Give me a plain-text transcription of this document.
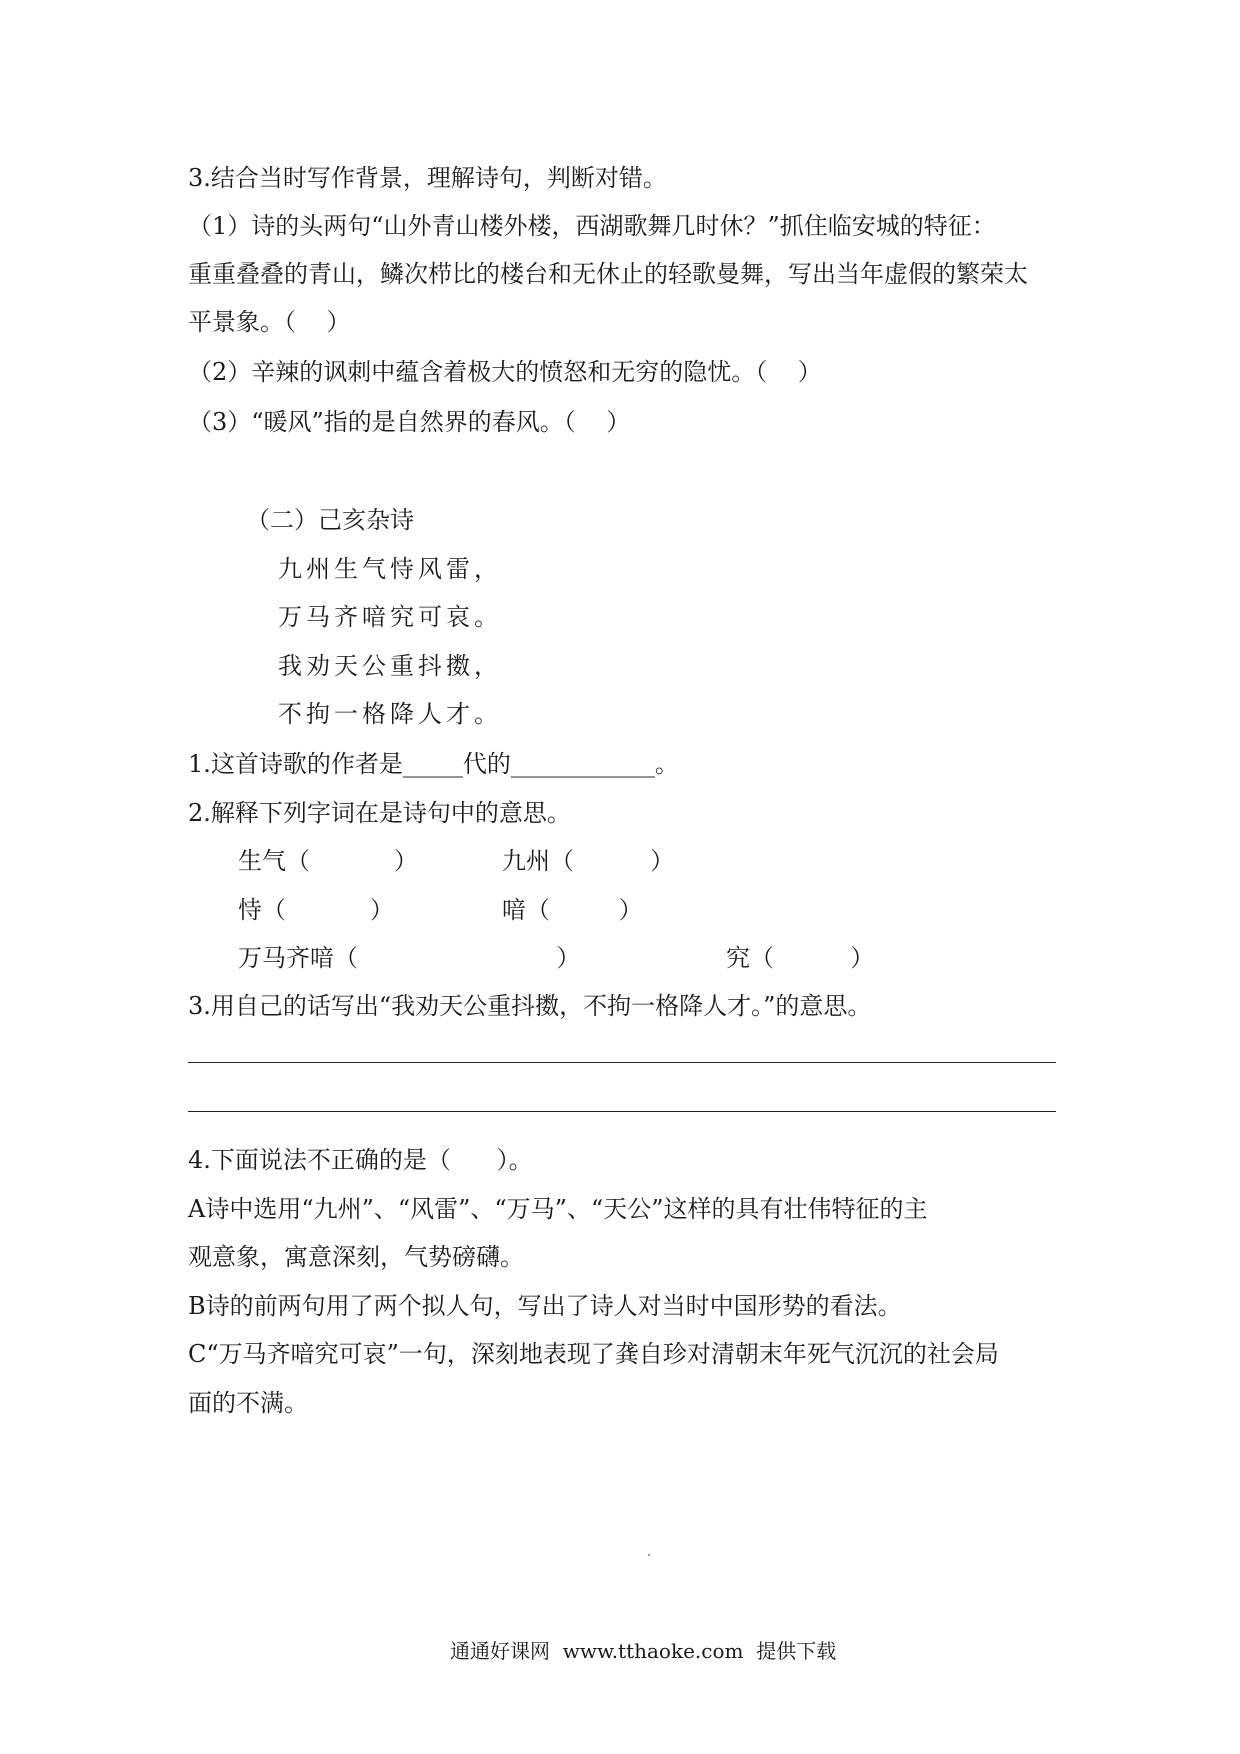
3.结合当时写作背景，理解诗句，判断对错。
（1）诗的头两句“山外青山楼外楼，西湖歌舞几时休？”抓住临安城的特征：
重重叠叠的青山，鳞次栉比的楼台和无休止的轻歌曼舞，写出当年虚假的繁荣太
平景象。（    ）
（2）辛辣的讽刺中蕴含着极大的愤怒和无穷的隐忧。（    ）
（3）“暖风”指的是自然界的春风。（    ）
（二）己亥杂诗
九州生气恃风雷，
万马齐喑究可哀。
我劝天公重抖擞，
不拘一格降人才。
1.这首诗歌的作者是_____代的____________。
2.解释下列字词在是诗句中的意思。
生气（           ）	九州（          ）
恃（           ）	喑（         ）
万马齐喑（                          ）	究（          ）
3.用自己的话写出“我劝天公重抖擞，不拘一格降人才。”的意思。
4.下面说法不正确的是（      ）。
A诗中选用“九州”、“风雷”、“万马”、“天公”这样的具有壮伟特征的主
观意象，寓意深刻，气势磅礴。
B诗的前两句用了两个拟人句，写出了诗人对当时中国形势的看法。
C“万马齐喑究可哀”一句，深刻地表现了龚自珍对清朝末年死气沉沉的社会局
面的不满。
通通好课网  www.tthaoke.com  提供下载
